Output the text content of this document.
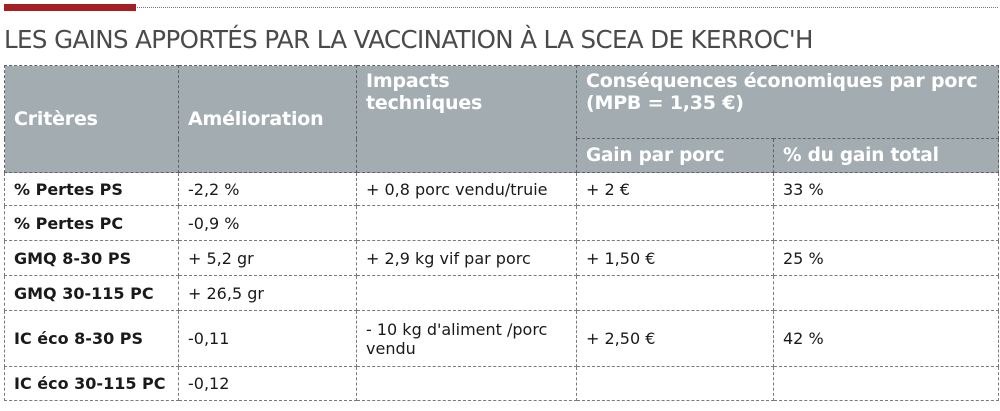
LES GAINS APPORTÉS PAR LA VACCINATION À LA SCEA DE KERROC'H
Critères	Amélioration	Impacts techniques	Conséquences économiques par porc (MPB = 1,35 €)	
			Gain par porc	% du gain total
% Pertes PS	-2,2 %	+ 0,8 porc vendu/truie	+ 2 €	33 %
% Pertes PC	-0,9 %			
GMQ 8-30 PS	+ 5,2 gr	+ 2,9 kg vif par porc	+ 1,50 €	25 %
GMQ 30-115 PC	+ 26,5 gr			
IC éco 8-30 PS	-0,11	- 10 kg d'aliment /porc vendu	+ 2,50 €	42 %
IC éco 30-115 PC	-0,12			
